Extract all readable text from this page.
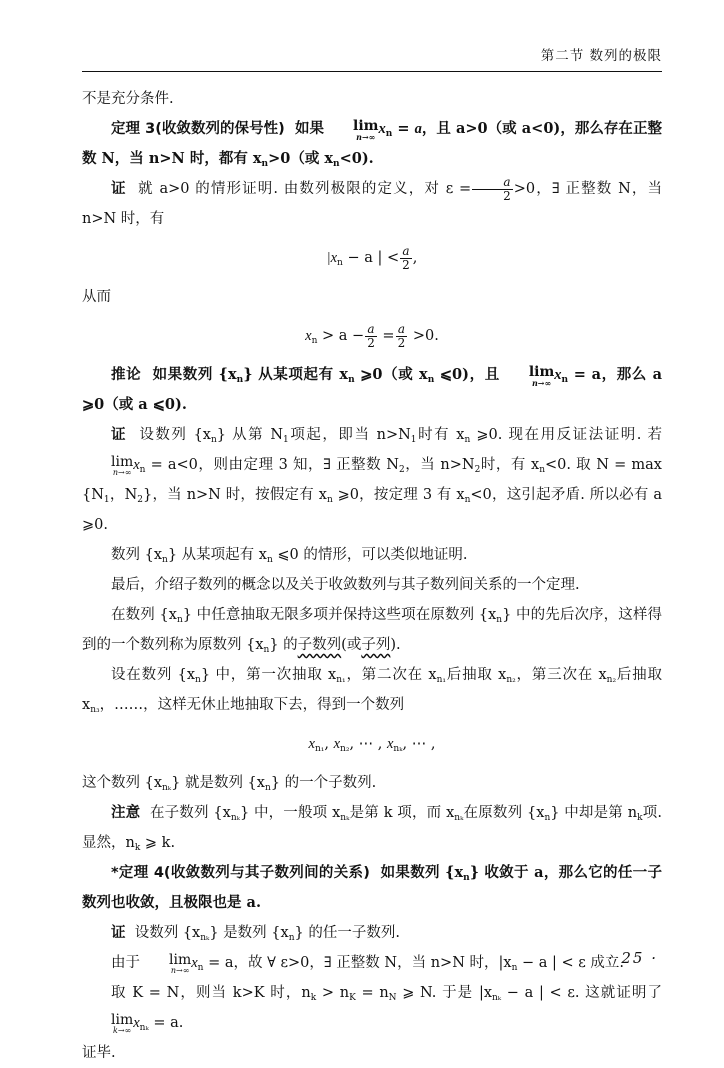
第二节 数列的极限

不是充分条件.

定理 3(收敛数列的保号性) 如果	lim
n→∞ $x_n = a$，且 a>0（或 a<0)，那么存在正整数 N，当 n>N 时，都有 $x_n>0$（或 $x_n<0$).

证 就 a>0 的情形证明. 由数列极限的定义，对 $\varepsilon = \frac{a}{2} >0$，∃ 正整数 N，当 n>N 时，有

$|x_n - a$ | < $\frac{a}{2}$ ,

从而

$x_n > a - \frac{a}{2} = \frac{a}{2} >0$.

推论 如果数列 $\{x_n\}$ 从某项起有 $x_n$ ⩾0（或 $x_n$ ⩽0)，且	lim
n→∞ $x_n = a$，那么 a ⩾0（或 a ⩽0).

证 设数列 $\{x_n\}$ 从第 $N_1$项起，即当 $n>N_1$时有 $x_n$ ⩾0. 现在用反证法证明. 若
lim
n→∞ $x_n = a<0$，则由定理 3 知，∃ 正整数 $N_2$，当 $n>N_2$时，有 $x_n<0$. 取 $N = \max \{N_1$，$N_2$}，当 n>N 时，按假定有 $x_n$ ⩾0，按定理 3 有 $x_n<0$，这引起矛盾. 所以必有 a ⩾0.

数列 $\{x_n\}$ 从某项起有 $x_n$ ⩽0 的情形，可以类似地证明.

最后，介绍子数列的概念以及关于收敛数列与其子数列间关系的一个定理.

在数列 $\{x_n\}$ 中任意抽取无限多项并保持这些项在原数列 $\{x_n\}$ 中的先后次序，这样得到的一个数列称为原数列 $\{x_n\}$ 的子数列(或子列).

设在数列 $\{x_n\}$ 中，第一次抽取 $x_{n_1}$，第二次在 $x_{n_1}$后抽取 $x_{n_2}$，第三次在 $x_{n_2}$后抽取 $x_{n_3}$，……，这样无休止地抽取下去，得到一个数列

$x_{n_1}$, $x_{n_2}$, ⋯ , $x_{n_k}$, ⋯ ,

这个数列 $\{x_{n_k}\}$ 就是数列 $\{x_n\}$ 的一个子数列.

注意 在子数列 $\{x_{n_k}\}$ 中，一般项 $x_{n_k}$是第 k 项，而 $x_{n_k}$在原数列 $\{x_n\}$ 中却是第 $n_k$项. 显然，$n_k$ ⩾ k.

*定理 4(收敛数列与其子数列间的关系) 如果数列 $\{x_n\}$ 收敛于 a，那么它的任一子数列也收敛，且极限也是 a.

证 设数列 $\{x_{n_k}\}$ 是数列 $\{x_n\}$ 的任一子数列.

由于	lim
n→∞ $x_n = a$，故 ∀ ε>0，∃ 正整数 N，当 n>N 时，$|x_n - a$ | < ε 成立.

取 K = N，则当 k>K 时，$n_k > n_K = n_N$ ⩾ N. 于是 $|x_{n_k} - a$ | < ε. 这就证明了
lim
k→∞ $x_{n_k} = a$.

证毕.

· 25 ·
